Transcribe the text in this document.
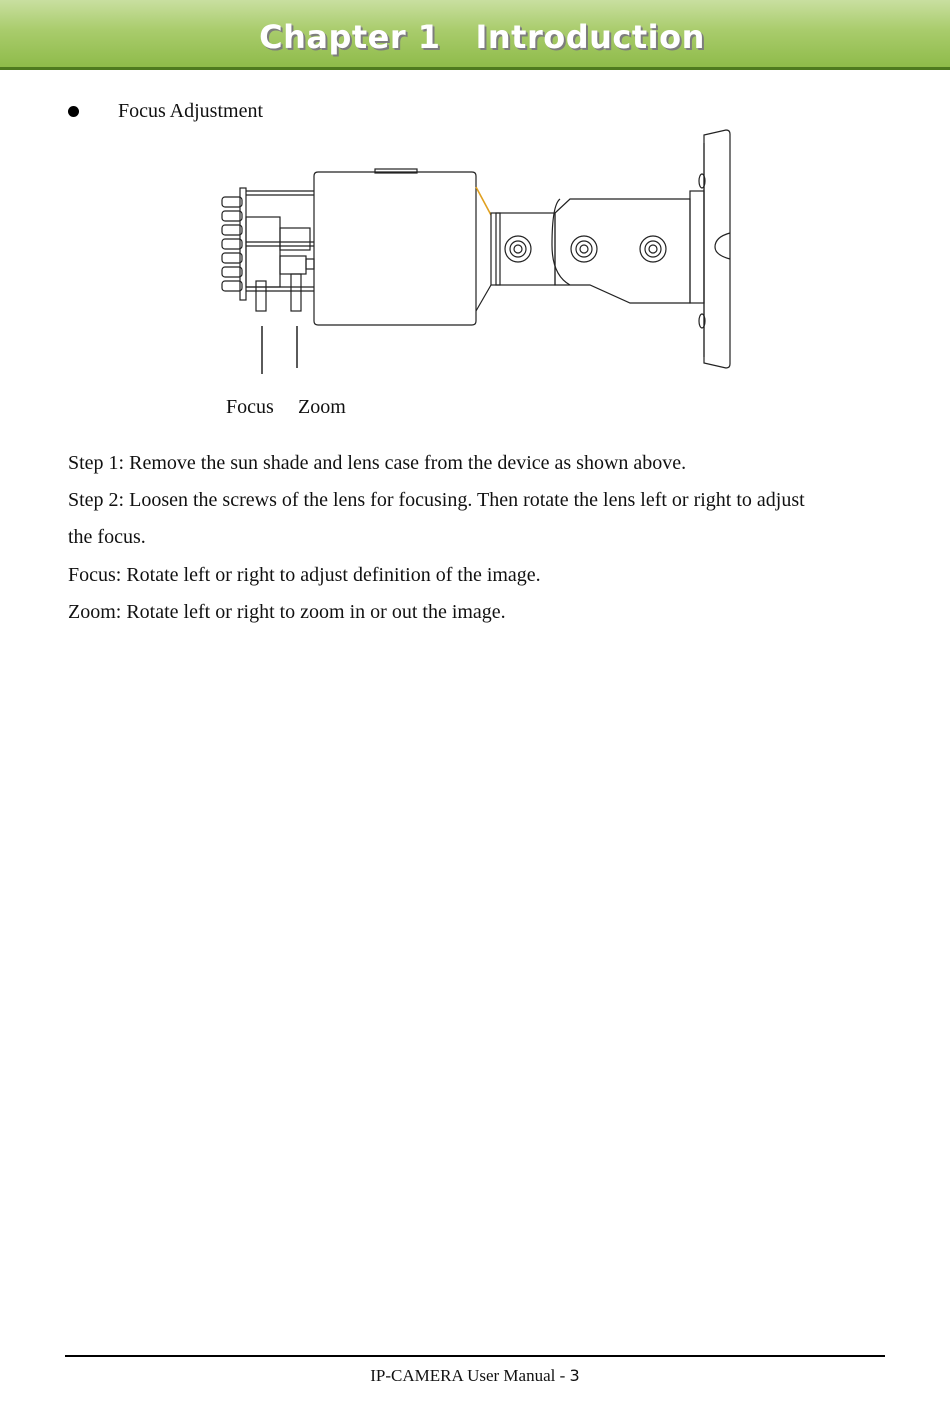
Chapter 1   Introduction
Focus Adjustment
Focus Zoom
Step 1: Remove the sun shade and lens case from the device as shown above.
Step 2: Loosen the screws of the lens for focusing. Then rotate the lens left or right to adjust
the focus.
Focus: Rotate left or right to adjust definition of the image.
Zoom: Rotate left or right to zoom in or out the image.
IP-CAMERA User Manual - 3
